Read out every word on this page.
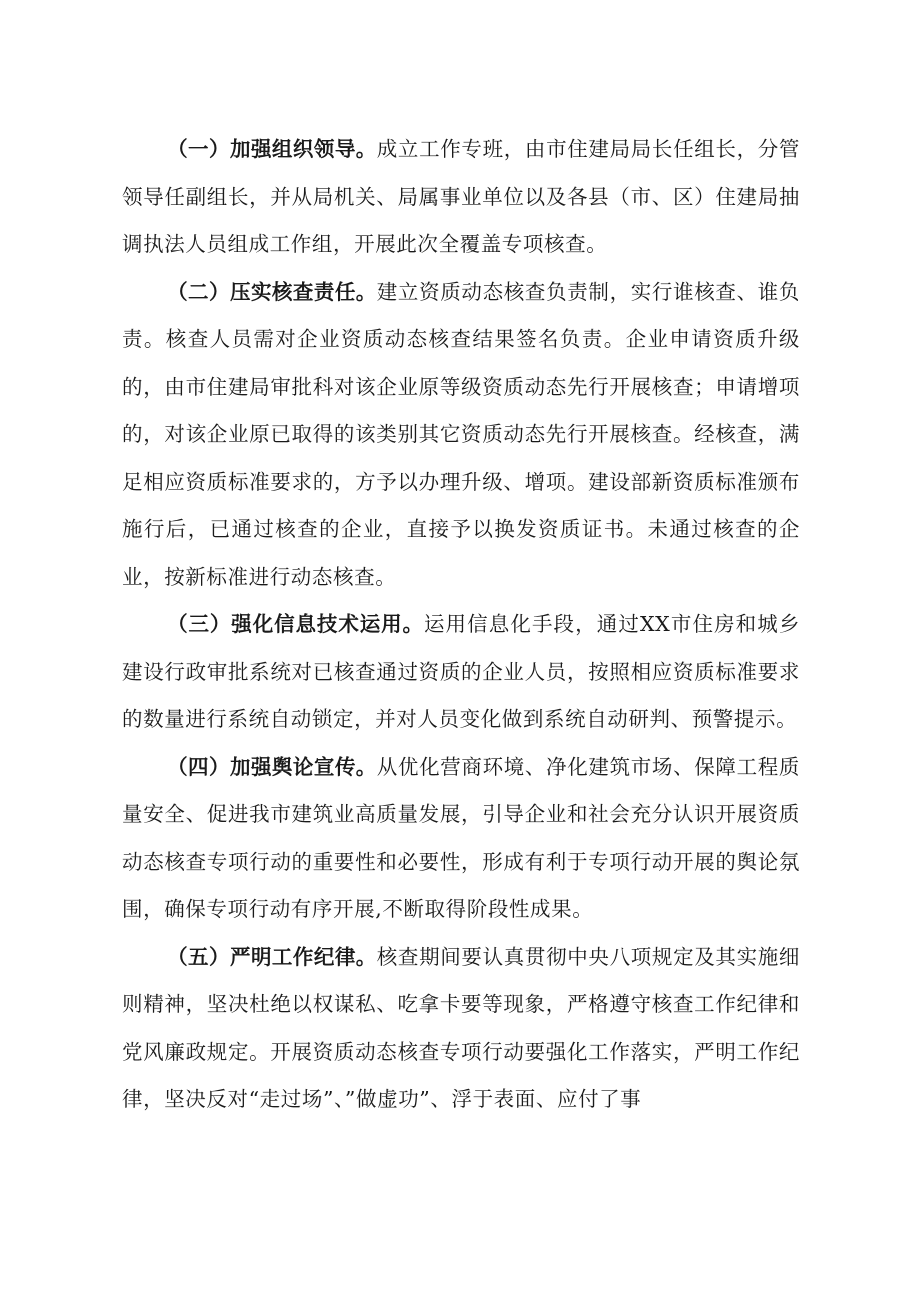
（一）加强组织领导。成立工作专班，由市住建局局长任组长，分管领导任副组长，并从局机关、局属事业单位以及各县（市、区）住建局抽调执法人员组成工作组，开展此次全覆盖专项核查。

（二）压实核查责任。建立资质动态核查负责制，实行谁核查、谁负责。核查人员需对企业资质动态核查结果签名负责。企业申请资质升级的，由市住建局审批科对该企业原等级资质动态先行开展核查；申请增项的，对该企业原已取得的该类别其它资质动态先行开展核查。经核查，满足相应资质标准要求的，方予以办理升级、增项。建设部新资质标准颁布施行后，已通过核查的企业，直接予以换发资质证书。未通过核查的企业，按新标准进行动态核查。

（三）强化信息技术运用。运用信息化手段，通过XX市住房和城乡建设行政审批系统对已核查通过资质的企业人员，按照相应资质标准要求的数量进行系统自动锁定，并对人员变化做到系统自动研判、预警提示。

（四）加强舆论宣传。从优化营商环境、净化建筑市场、保障工程质量安全、促进我市建筑业高质量发展，引导企业和社会充分认识开展资质动态核查专项行动的重要性和必要性，形成有利于专项行动开展的舆论氛围，确保专项行动有序开展,不断取得阶段性成果。

（五）严明工作纪律。核查期间要认真贯彻中央八项规定及其实施细则精神，坚决杜绝以权谋私、吃拿卡要等现象，严格遵守核查工作纪律和党风廉政规定。开展资质动态核查专项行动要强化工作落实，严明工作纪律，坚决反对“走过场”、”做虚功”、浮于表面、应付了事
